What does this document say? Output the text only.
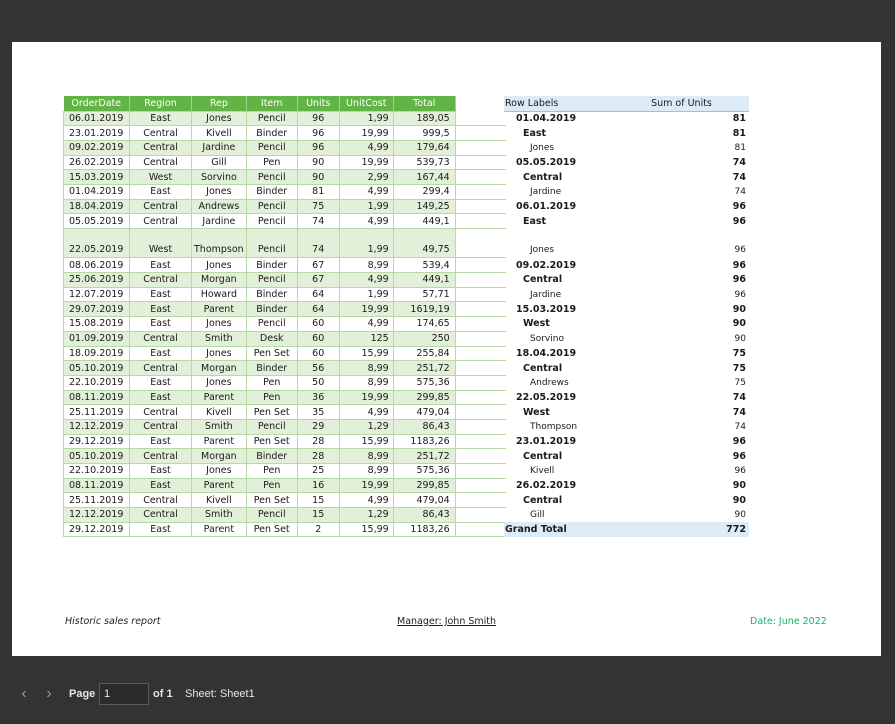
OrderDate	Region	Rep	Item	Units	UnitCost	Total	
06.01.2019	East	Jones	Pencil	96	1,99	189,05	
23.01.2019	Central	Kivell	Binder	96	19,99	999,5	
09.02.2019	Central	Jardine	Pencil	96	4,99	179,64	
26.02.2019	Central	Gill	Pen	90	19,99	539,73	
15.03.2019	West	Sorvino	Pencil	90	2,99	167,44	
01.04.2019	East	Jones	Binder	81	4,99	299,4	
18.04.2019	Central	Andrews	Pencil	75	1,99	149,25	
05.05.2019	Central	Jardine	Pencil	74	4,99	449,1	
22.05.2019	West	Thompson	Pencil	74	1,99	49,75	
08.06.2019	East	Jones	Binder	67	8,99	539,4	
25.06.2019	Central	Morgan	Pencil	67	4,99	449,1	
12.07.2019	East	Howard	Binder	64	1,99	57,71	
29.07.2019	East	Parent	Binder	64	19,99	1619,19	
15.08.2019	East	Jones	Pencil	60	4,99	174,65	
01.09.2019	Central	Smith	Desk	60	125	250	
18.09.2019	East	Jones	Pen Set	60	15,99	255,84	
05.10.2019	Central	Morgan	Binder	56	8,99	251,72	
22.10.2019	East	Jones	Pen	50	8,99	575,36	
08.11.2019	East	Parent	Pen	36	19,99	299,85	
25.11.2019	Central	Kivell	Pen Set	35	4,99	479,04	
12.12.2019	Central	Smith	Pencil	29	1,29	86,43	
29.12.2019	East	Parent	Pen Set	28	15,99	1183,26	
05.10.2019	Central	Morgan	Binder	28	8,99	251,72	
22.10.2019	East	Jones	Pen	25	8,99	575,36	
08.11.2019	East	Parent	Pen	16	19,99	299,85	
25.11.2019	Central	Kivell	Pen Set	15	4,99	479,04	
12.12.2019	Central	Smith	Pencil	15	1,29	86,43	
29.12.2019	East	Parent	Pen Set	2	15,99	1183,26	
Row Labels	Sum of Units
01.04.2019	81
East	81
Jones	81
05.05.2019	74
Central	74
Jardine	74
06.01.2019	96
East	96
Jones	96
09.02.2019	96
Central	96
Jardine	96
15.03.2019	90
West	90
Sorvino	90
18.04.2019	75
Central	75
Andrews	75
22.05.2019	74
West	74
Thompson	74
23.01.2019	96
Central	96
Kivell	96
26.02.2019	90
Central	90
Gill	90
Grand Total	772
Historic sales report	Manager: John Smith	Date: June 2022
‹	›	Page
1	of 1 Sheet: Sheet1
